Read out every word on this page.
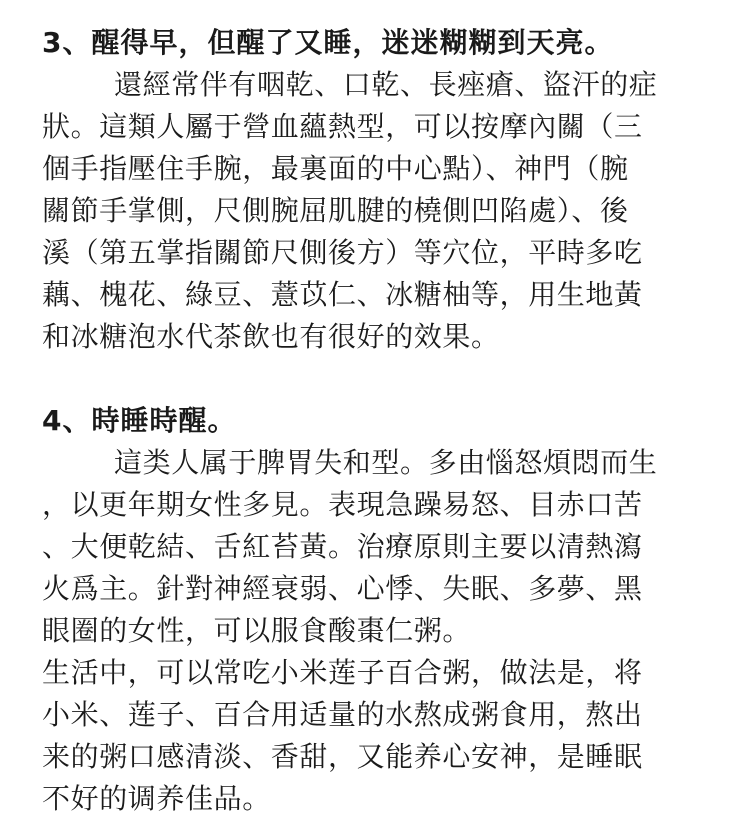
3、醒得早，但醒了又睡，迷迷糊糊到天亮。

還經常伴有咽乾、口乾、長痤瘡、盜汗的症

狀。這類人屬于營血蘊熱型，可以按摩內關（三

個手指壓住手腕，最裏面的中心點）、神門（腕

關節手掌側，尺側腕屈肌腱的橈側凹陷處）、後

溪（第五掌指關節尺側後方）等穴位，平時多吃

藕、槐花、綠豆、薏苡仁、冰糖柚等，用生地黃

和冰糖泡水代茶飲也有很好的效果。

4、時睡時醒。

這类人属于脾胃失和型。多由惱怒煩悶而生

，以更年期女性多見。表現急躁易怒、目赤口苦

、大便乾結、舌紅苔黃。治療原則主要以清熱瀉

火爲主。針對神經衰弱、心悸、失眠、多夢、黑

眼圈的女性，可以服食酸棗仁粥。

生活中，可以常吃小米莲子百合粥，做法是，将

小米、莲子、百合用适量的水熬成粥食用，熬出

来的粥口感清淡、香甜，又能养心安神，是睡眠

不好的调养佳品。
